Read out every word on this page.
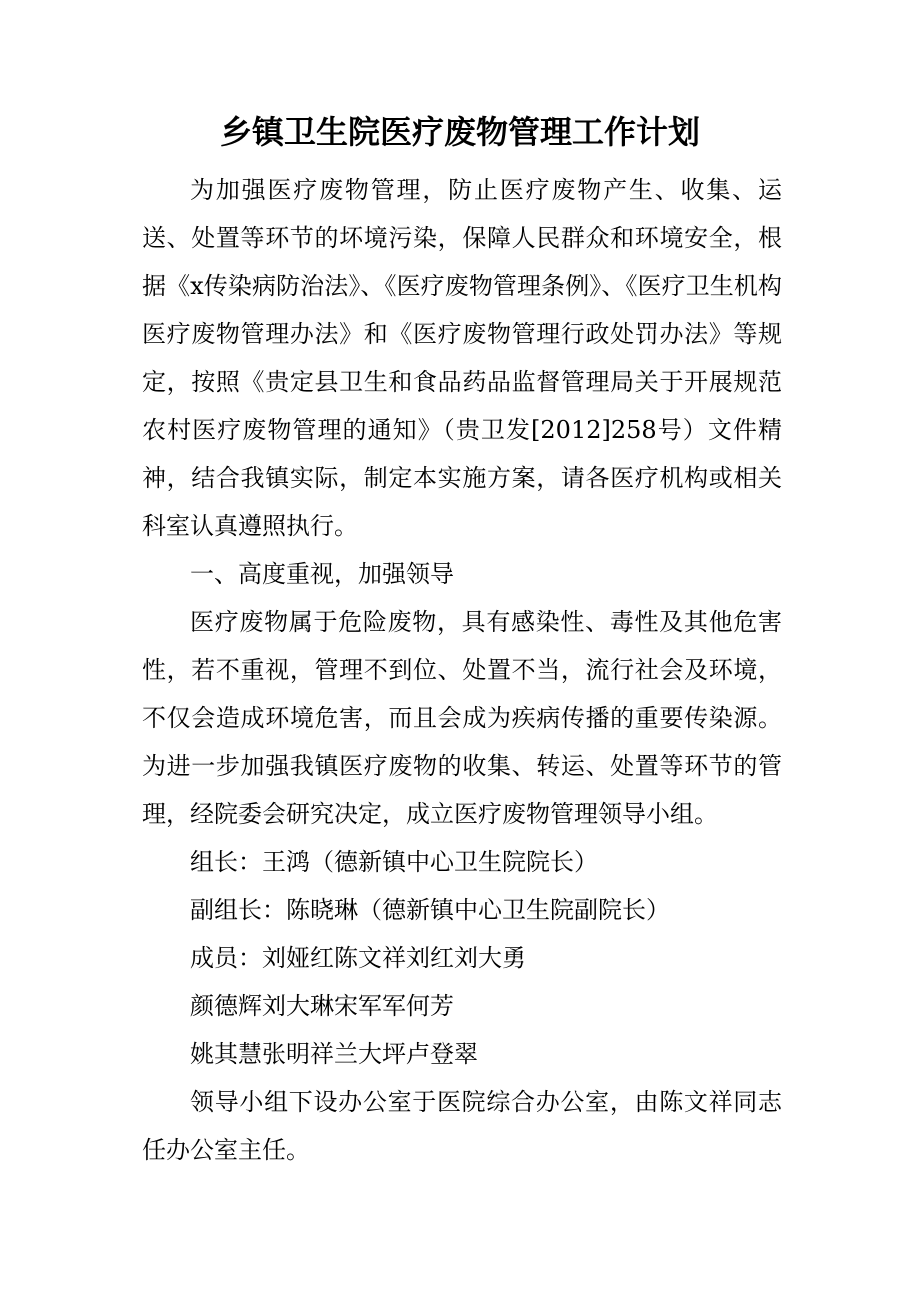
乡镇卫生院医疗废物管理工作计划

为加强医疗废物管理，防止医疗废物产生、收集、运送、处置等环节的坏境污染，保障人民群众和环境安全，根据《x传染病防治法》、《医疗废物管理条例》、《医疗卫生机构医疗废物管理办法》和《医疗废物管理行政处罚办法》等规定，按照《贵定县卫生和食品药品监督管理局关于开展规范农村医疗废物管理的通知》（贵卫发[2012]258号）文件精神，结合我镇实际，制定本实施方案，请各医疗机构或相关科室认真遵照执行。

一、高度重视，加强领导

医疗废物属于危险废物，具有感染性、毒性及其他危害性，若不重视，管理不到位、处置不当，流行社会及环境，不仅会造成环境危害，而且会成为疾病传播的重要传染源。为进一步加强我镇医疗废物的收集、转运、处置等环节的管理，经院委会研究决定，成立医疗废物管理领导小组。

组长：王鸿（德新镇中心卫生院院长）

副组长：陈晓琳（德新镇中心卫生院副院长）

成员：刘娅红陈文祥刘红刘大勇

颜德辉刘大琳宋军军何芳

姚其慧张明祥兰大坪卢登翠

领导小组下设办公室于医院综合办公室，由陈文祥同志任办公室主任。
